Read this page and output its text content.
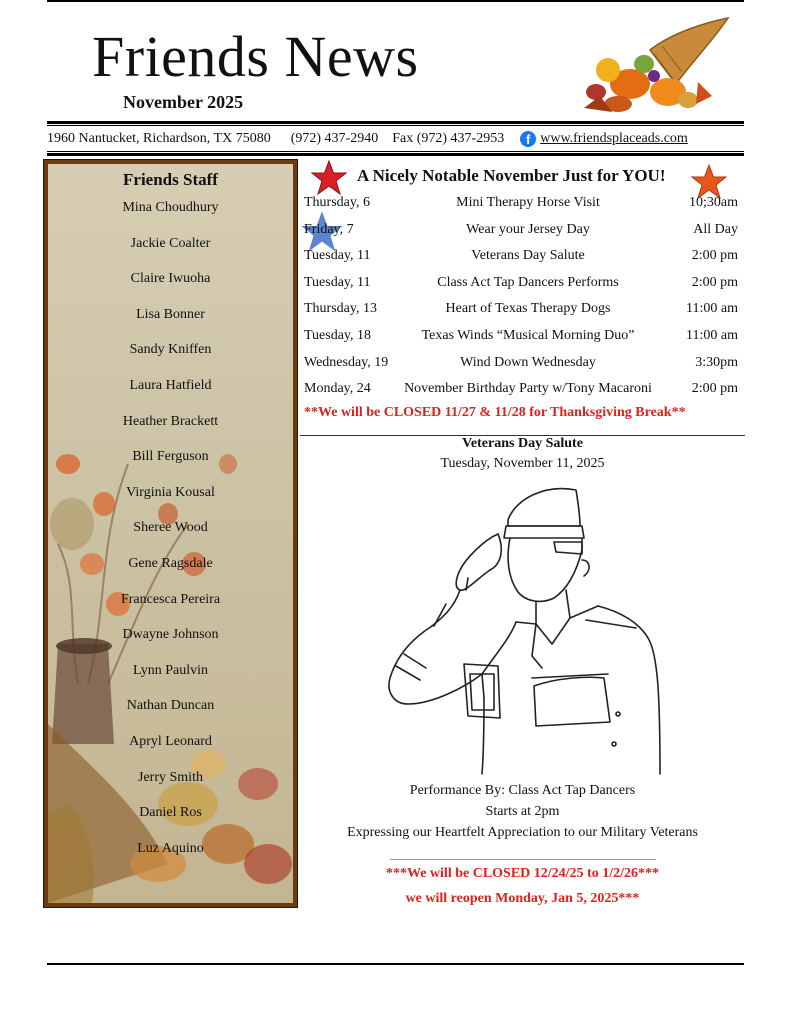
Friends News
November 2025
1960 Nantucket, Richardson, TX 75080 (972) 437-2940 Fax (972) 437-2953	f www.friendsplaceads.com
Friends Staff
Mina Choudhury
Jackie Coalter
Claire Iwuoha
Lisa Bonner
Sandy Kniffen
Laura Hatfield
Heather Brackett
Bill Ferguson
Virginia Kousal
Sheree Wood
Gene Ragsdale
Francesca Pereira
Dwayne Johnson
Lynn Paulvin
Nathan Duncan
Apryl Leonard
Jerry Smith
Daniel Ros
Luz Aquino
A Nicely Notable November Just for YOU!
Thursday, 6	Mini Therapy Horse Visit	10;30am
Friday, 7	Wear your Jersey Day	All Day
Tuesday, 11	Veterans Day Salute	2:00 pm
Tuesday, 11	Class Act Tap Dancers Performs	2:00 pm
Thursday, 13	Heart of Texas Therapy Dogs	11:00 am
Tuesday, 18	Texas Winds “Musical Morning Duo”	11:00 am
Wednesday, 19	Wind Down Wednesday	3:30pm
Monday, 24	November Birthday Party w/Tony Macaroni	2:00 pm
**We will be CLOSED 11/27 & 11/28 for Thanksgiving Break**
Veterans Day Salute
Tuesday, November 11, 2025
Performance By: Class Act Tap Dancers
Starts at 2pm
Expressing our Heartfelt Appreciation to our Military Veterans
***We will be CLOSED 12/24/25 to 1/2/26***
we will reopen Monday, Jan 5, 2025***
